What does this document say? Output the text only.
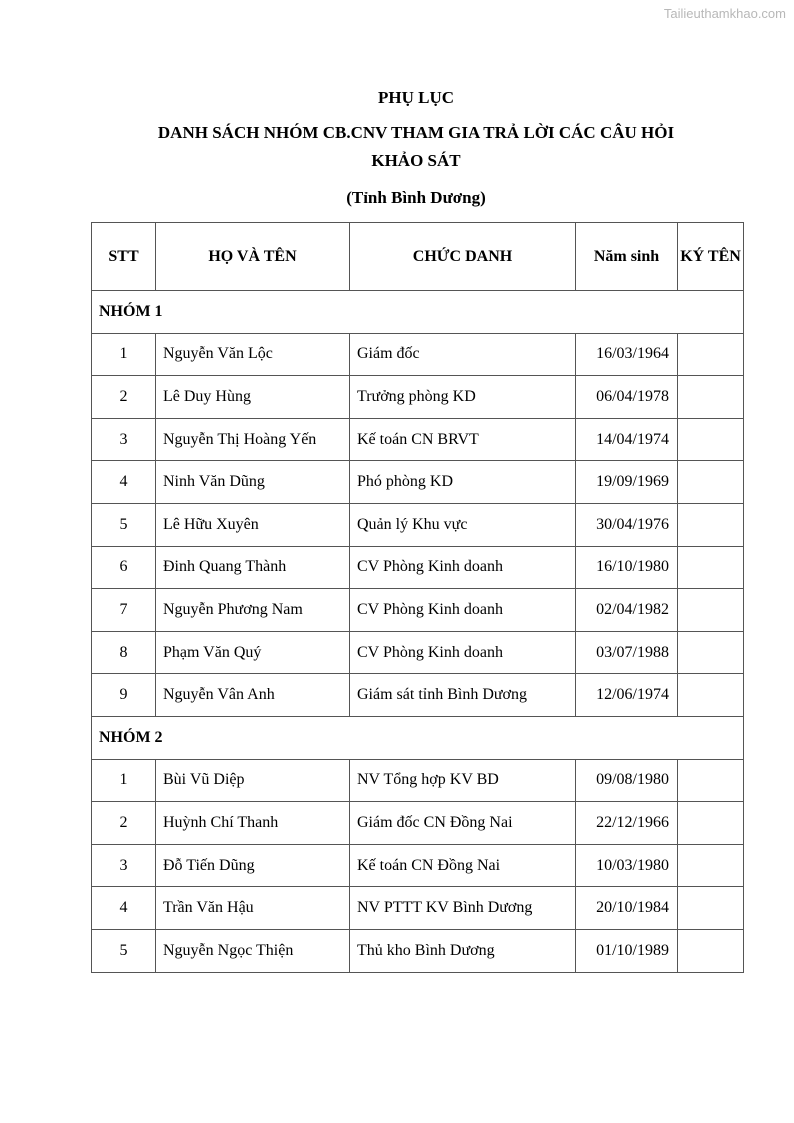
Tailieuthamkhao.com
PHỤ LỤC
DANH SÁCH NHÓM CB.CNV THAM GIA TRẢ LỜI CÁC CÂU HỎI
KHẢO SÁT
(Tỉnh Bình Dương)
STT	HỌ VÀ TÊN	CHỨC DANH	Năm sinh	KÝ TÊN
NHÓM 1				
1	Nguyễn Văn Lộc	Giám đốc	16/03/1964	
2	Lê Duy Hùng	Trưởng phòng KD	06/04/1978	
3	Nguyễn Thị Hoàng Yến	Kế toán CN BRVT	14/04/1974	
4	Ninh Văn Dũng	Phó phòng KD	19/09/1969	
5	Lê Hữu Xuyên	Quản lý Khu vực	30/04/1976	
6	Đinh Quang Thành	CV Phòng Kinh doanh	16/10/1980	
7	Nguyễn Phương Nam	CV Phòng Kinh doanh	02/04/1982	
8	Phạm Văn Quý	CV Phòng Kinh doanh	03/07/1988	
9	Nguyễn Vân Anh	Giám sát tỉnh Bình Dương	12/06/1974	
NHÓM 2				
1	Bùi Vũ Diệp	NV Tổng hợp KV BD	09/08/1980	
2	Huỳnh Chí Thanh	Giám đốc CN Đồng Nai	22/12/1966	
3	Đỗ Tiến Dũng	Kế toán CN Đồng Nai	10/03/1980	
4	Trần Văn Hậu	NV PTTT KV Bình Dương	20/10/1984	
5	Nguyễn Ngọc Thiện	Thủ kho Bình Dương	01/10/1989	
